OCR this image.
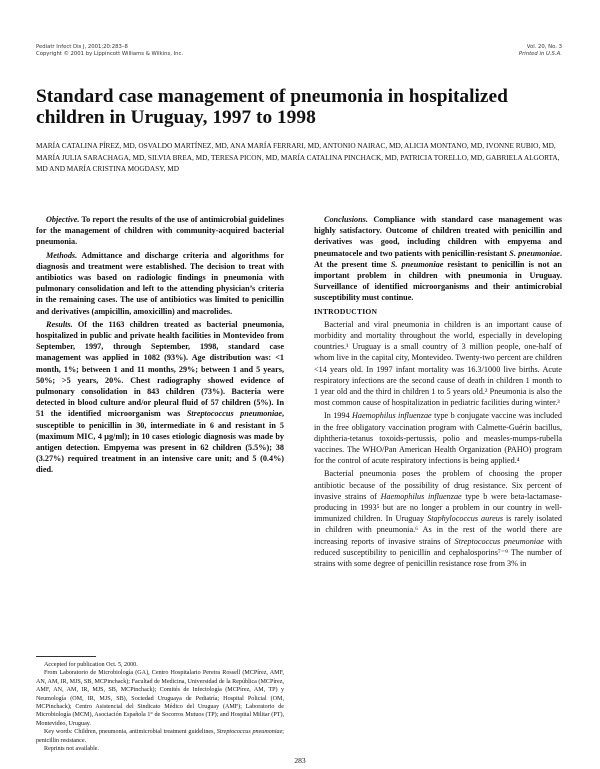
Pediatr Infect Dis J, 2001;20:283–8
Copyright © 2001 by Lippincott Williams & Wilkins, Inc.
Vol. 20, No. 3
Printed in U.S.A.
Standard case management of pneumonia in hospitalized children in Uruguay, 1997 to 1998

MARÍA CATALINA PÍREZ, MD, OSVALDO MARTÍNEZ, MD, ANA MARÍA FERRARI, MD, ANTONIO NAIRAC, MD, ALICIA MONTANO, MD, IVONNE RUBIO, MD, MARÍA JULIA SARACHAGA, MD, SILVIA BREA, MD, TERESA PICON, MD, MARÍA CATALINA PINCHACK, MD, PATRICIA TORELLO, MD, GABRIELA ALGORTA, MD AND MARÍA CRISTINA MOGDASY, MD

Objective. To report the results of the use of antimicrobial guidelines for the management of children with community-acquired bacterial pneumonia.

Methods. Admittance and discharge criteria and algorithms for diagnosis and treatment were established. The decision to treat with antibiotics was based on radiologic findings in pneumonia with pulmonary consolidation and left to the attending physician’s criteria in the remaining cases. The use of antibiotics was limited to penicillin and derivatives (ampicillin, amoxicillin) and macrolides.

Results. Of the 1163 children treated as bacterial pneumonia, hospitalized in public and private health facilities in Montevideo from September, 1997, through September, 1998, standard case management was applied in 1082 (93%). Age distribution was: <1 month, 1%; between 1 and 11 months, 29%; between 1 and 5 years, 50%; >5 years, 20%. Chest radiography showed evidence of pulmonary consolidation in 843 children (73%). Bacteria were detected in blood culture and/or pleural fluid of 57 children (5%). In 51 the identified microorganism was Streptococcus pneumoniae, susceptible to penicillin in 30, intermediate in 6 and resistant in 5 (maximum MIC, 4 μg/ml); in 10 cases etiologic diagnosis was made by antigen detection. Empyema was present in 62 children (5.5%); 38 (3.27%) required treatment in an intensive care unit; and 5 (0.4%) died.

Conclusions. Compliance with standard case management was highly satisfactory. Outcome of children treated with penicillin and derivatives was good, including children with empyema and pneumatocele and two patients with penicillin-resistant S. pneumoniae. At the present time S. pneumoniae resistant to penicillin is not an important problem in children with pneumonia in Uruguay. Surveillance of identified microorganisms and their antimicrobial susceptibility must continue.

INTRODUCTION

Bacterial and viral pneumonia in children is an important cause of morbidity and mortality throughout the world, especially in developing countries.¹ Uruguay is a small country of 3 million people, one-half of whom live in the capital city, Montevideo. Twenty-two percent are children <14 years old. In 1997 infant mortality was 16.3/1000 live births. Acute respiratory infections are the second cause of death in children 1 month to 1 year old and the third in children 1 to 5 years old.² Pneumonia is also the most common cause of hospitalization in pediatric facilities during winter.³

In 1994 Haemophilus influenzae type b conjugate vaccine was included in the free obligatory vaccination program with Calmette-Guérin bacillus, diphtheria-tetanus toxoids-pertussis, polio and measles-mumps-rubella vaccines. The WHO/Pan American Health Organization (PAHO) program for the control of acute respiratory infections is being applied.⁴

Bacterial pneumonia poses the problem of choosing the proper antibiotic because of the possibility of drug resistance. Six percent of invasive strains of Haemophilus influenzae type b were beta-lactamase-producing in 1993⁵ but are no longer a problem in our country in well-immunized children. In Uruguay Staphylococcus aureus is rarely isolated in children with pneumonia.⁶ As in the rest of the world there are increasing reports of invasive strains of Streptococcus pneumoniae with reduced susceptibility to penicillin and cephalosporins⁷⁻⁹ The number of strains with some degree of penicillin resistance rose from 3% in

Accepted for publication Oct. 5, 2000.

From Laboratorio de Microbiología (GA), Centro Hospitalario Pereira Rossell (MCPírez, AMF, AN, AM, IR, MJS, SB, MCPinchack); Facultad de Medicina, Universidad de la República (MCPírez, AMF, AN, AM, IR, MJS, SB, MCPinchack); Comités de Infectología (MCPírez, AM, TP) y Neumología (OM, IR, MJS, SB), Sociedad Uruguaya de Pediatría; Hospital Policial (OM, MCPinchack); Centro Asistencial del Sindicato Médico del Uruguay (AMF); Laboratorio de Microbiología (MCM), Asociación Española 1° de Socorros Mutuos (TP); and Hospital Militar (PT), Montevideo, Uruguay.

Key words: Children, pneumonia, antimicrobial treatment guidelines, Streptococcus pneumoniae; penicillin resistance.

Reprints not available.

283
